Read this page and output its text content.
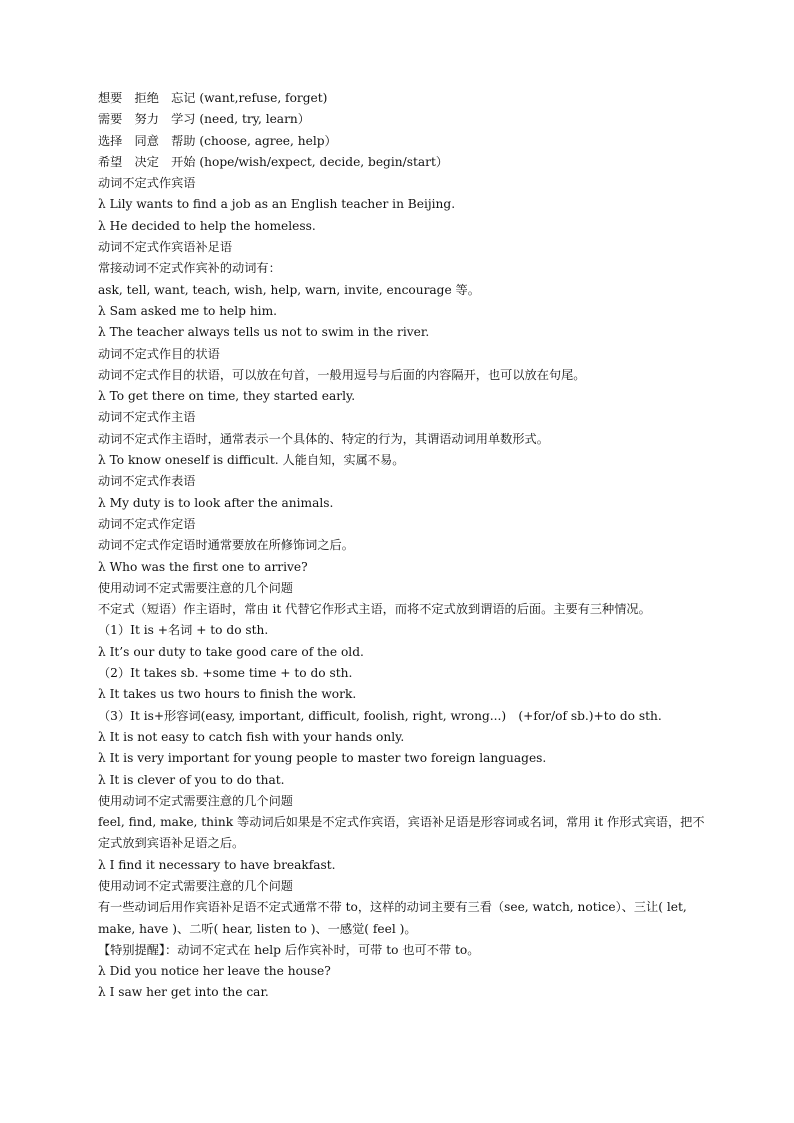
想要　拒绝　忘记 (want,refuse, forget)
需要　努力　学习 (need, try, learn）
选择　同意　帮助 (choose, agree, help）
希望　决定　开始 (hope/wish/expect, decide, begin/start）
动词不定式作宾语
λ Lily wants to find a job as an English teacher in Beijing.
λ He decided to help the homeless.
动词不定式作宾语补足语
常接动词不定式作宾补的动词有：
ask, tell, want, teach, wish, help, warn, invite, encourage 等。
λ Sam asked me to help him.
λ The teacher always tells us not to swim in the river.
动词不定式作目的状语
动词不定式作目的状语，可以放在句首，一般用逗号与后面的内容隔开，也可以放在句尾。
λ To get there on time, they started early.
动词不定式作主语
动词不定式作主语时，通常表示一个具体的、特定的行为，其谓语动词用单数形式。
λ To know oneself is difficult. 人能自知，实属不易。
动词不定式作表语
λ My duty is to look after the animals.
动词不定式作定语
动词不定式作定语时通常要放在所修饰词之后。
λ Who was the first one to arrive?
使用动词不定式需要注意的几个问题
不定式（短语）作主语时，常由 it 代替它作形式主语，而将不定式放到谓语的后面。主要有三种情况。
（1）It is +名词 + to do sth.
λ It’s our duty to take good care of the old.
（2）It takes sb. +some time + to do sth.
λ It takes us two hours to finish the work.
（3）It is+形容词(easy, important, difficult, foolish, right, wrong...)　(+for/of sb.)+to do sth.
λ It is not easy to catch fish with your hands only.
λ It is very important for young people to master two foreign languages.
λ It is clever of you to do that.
使用动词不定式需要注意的几个问题
feel, find, make, think 等动词后如果是不定式作宾语，宾语补足语是形容词或名词，常用 it 作形式宾语，把不定式放到宾语补足语之后。
λ I find it necessary to have breakfast.
使用动词不定式需要注意的几个问题
有一些动词后用作宾语补足语不定式通常不带 to，这样的动词主要有三看（see, watch, notice）、三让( let, make, have )、二听( hear, listen to )、一感觉( feel )。
【特别提醒】：动词不定式在 help 后作宾补时，可带 to 也可不带 to。
λ Did you notice her leave the house?
λ I saw her get into the car.
